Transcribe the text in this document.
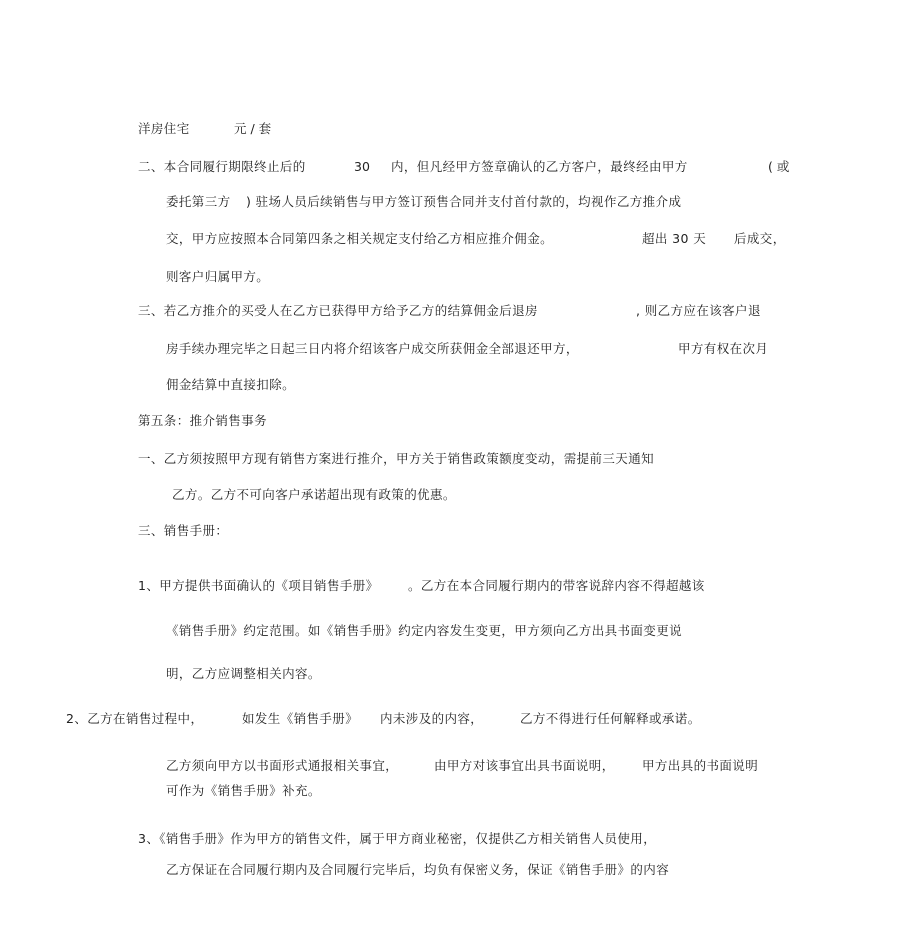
洋房住宅	元 / 套
二、本合同履行期限终止后的	30 内，但凡经甲方签章确认的乙方客户，最终经由甲方	( 或
委托第三方 ) 驻场人员后续销售与甲方签订预售合同并支付首付款的，均视作乙方推介成
交，甲方应按照本合同第四条之相关规定支付给乙方相应推介佣金。	超出 30 天 后成交，
则客户归属甲方。
三、若乙方推介的买受人在乙方已获得甲方给予乙方的结算佣金后退房	, 则乙方应在该客户退
房手续办理完毕之日起三日内将介绍该客户成交所获佣金全部退还甲方，	甲方有权在次月
佣金结算中直接扣除。
第五条：推介销售事务
一、乙方须按照甲方现有销售方案进行推介，甲方关于销售政策额度变动，需提前三天通知
乙方。乙方不可向客户承诺超出现有政策的优惠。
三、销售手册：
1、甲方提供书面确认的《项目销售手册》 。乙方在本合同履行期内的带客说辞内容不得超越该
《销售手册》约定范围。如《销售手册》约定内容发生变更，甲方须向乙方出具书面变更说
明，乙方应调整相关内容。
2、乙方在销售过程中，	如发生《销售手册》 内未涉及的内容，	乙方不得进行任何解释或承诺。
乙方须向甲方以书面形式通报相关事宜，	由甲方对该事宜出具书面说明， 甲方出具的书面说明
可作为《销售手册》补充。
3、《销售手册》作为甲方的销售文件，属于甲方商业秘密，仅提供乙方相关销售人员使用，
乙方保证在合同履行期内及合同履行完毕后，均负有保密义务，保证《销售手册》的内容
